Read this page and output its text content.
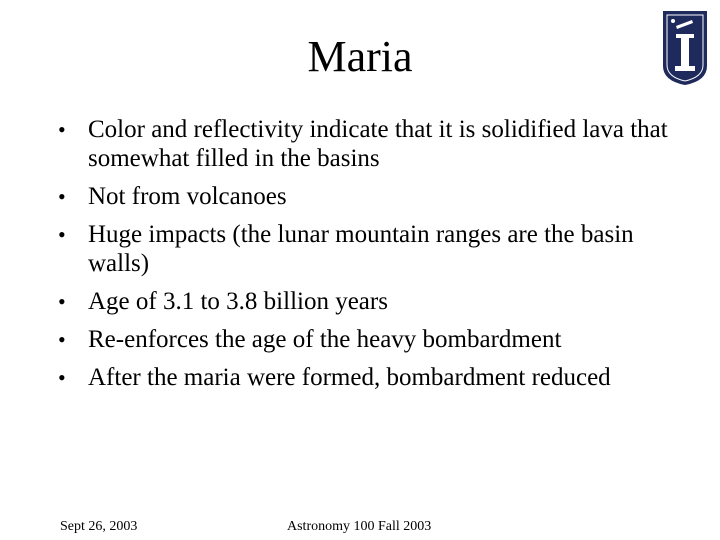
Maria
• Color and reflectivity indicate that it is solidified lava that somewhat filled in the basins
• Not from volcanoes
• Huge impacts (the lunar mountain ranges are the basin walls)
• Age of 3.1 to 3.8 billion years
• Re-enforces the age of the heavy bombardment
• After the maria were formed, bombardment reduced
Sept 26, 2003	Astronomy 100 Fall 2003
